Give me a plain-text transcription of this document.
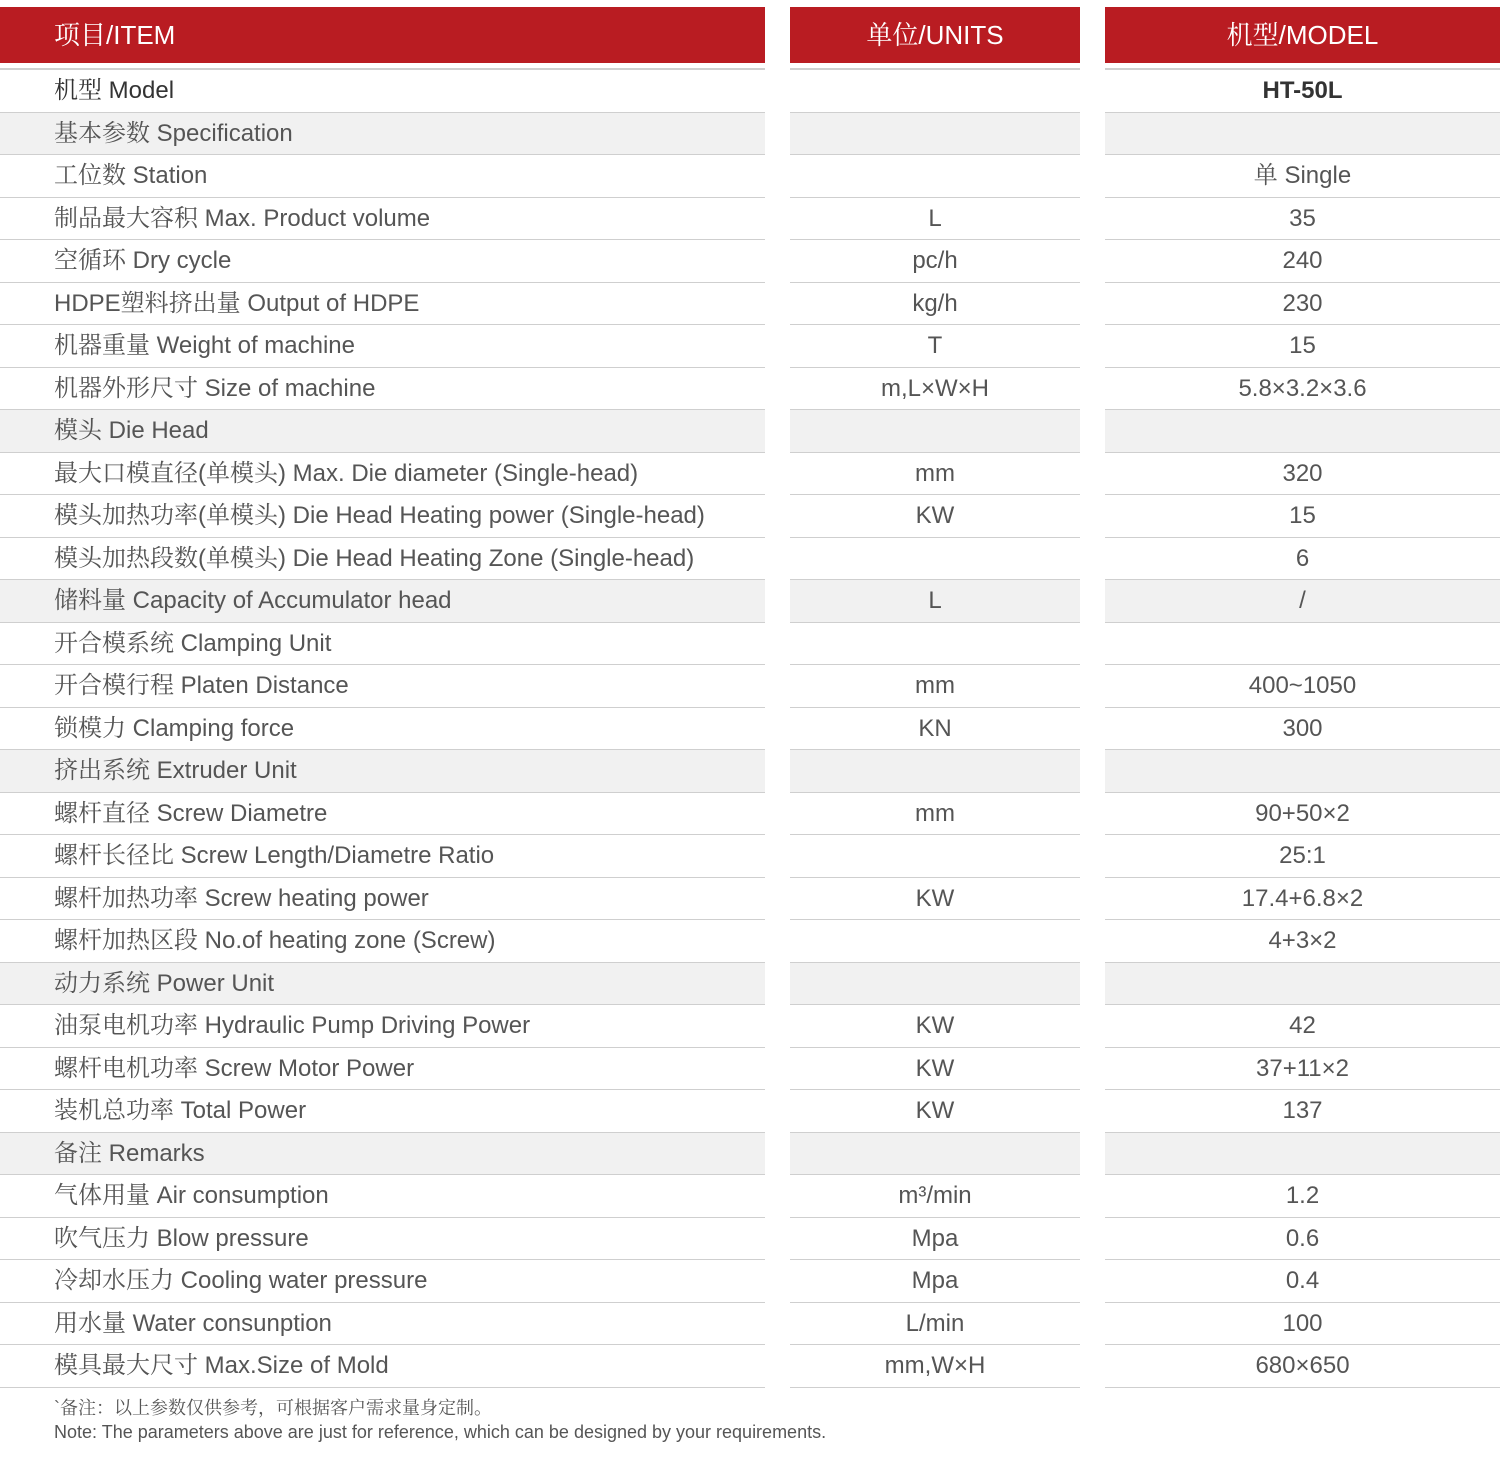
项目/ITEM
机型 Model
基本参数 Specification
工位数 Station
制品最大容积 Max. Product volume
空循环 Dry cycle
HDPE塑料挤出量 Output of HDPE
机器重量 Weight of machine
机器外形尺寸 Size of machine
模头 Die Head
最大口模直径(单模头) Max. Die diameter (Single-head)
模头加热功率(单模头) Die Head Heating power (Single-head)
模头加热段数(单模头) Die Head Heating Zone (Single-head)
储料量 Capacity of Accumulator head
开合模系统 Clamping Unit
开合模行程 Platen Distance
锁模力 Clamping force
挤出系统 Extruder Unit
螺杆直径 Screw Diametre
螺杆长径比 Screw Length/Diametre Ratio
螺杆加热功率 Screw heating power
螺杆加热区段 No.of heating zone (Screw)
动力系统 Power Unit
油泵电机功率 Hydraulic Pump Driving Power
螺杆电机功率 Screw Motor Power
装机总功率 Total Power
备注 Remarks
气体用量 Air consumption
吹气压力 Blow pressure
冷却水压力 Cooling water pressure
用水量 Water consunption
模具最大尺寸 Max.Size of Mold
单位/UNITS
L
pc/h
kg/h
T
m,L×W×H
mm
KW
L
mm
KN
mm
KW
KW
KW
KW
m³/min
Mpa
Mpa
L/min
mm,W×H
机型/MODEL
HT-50L
单 Single
35
240
230
15
5.8×3.2×3.6
320
15
6
/
400~1050
300
90+50×2
25:1
17.4+6.8×2
4+3×2
42
37+11×2
137
1.2
0.6
0.4
100
680×650
`备注：以上参数仅供参考，可根据客户需求量身定制。
Note: The parameters above are just for reference, which can be designed by your requirements.
